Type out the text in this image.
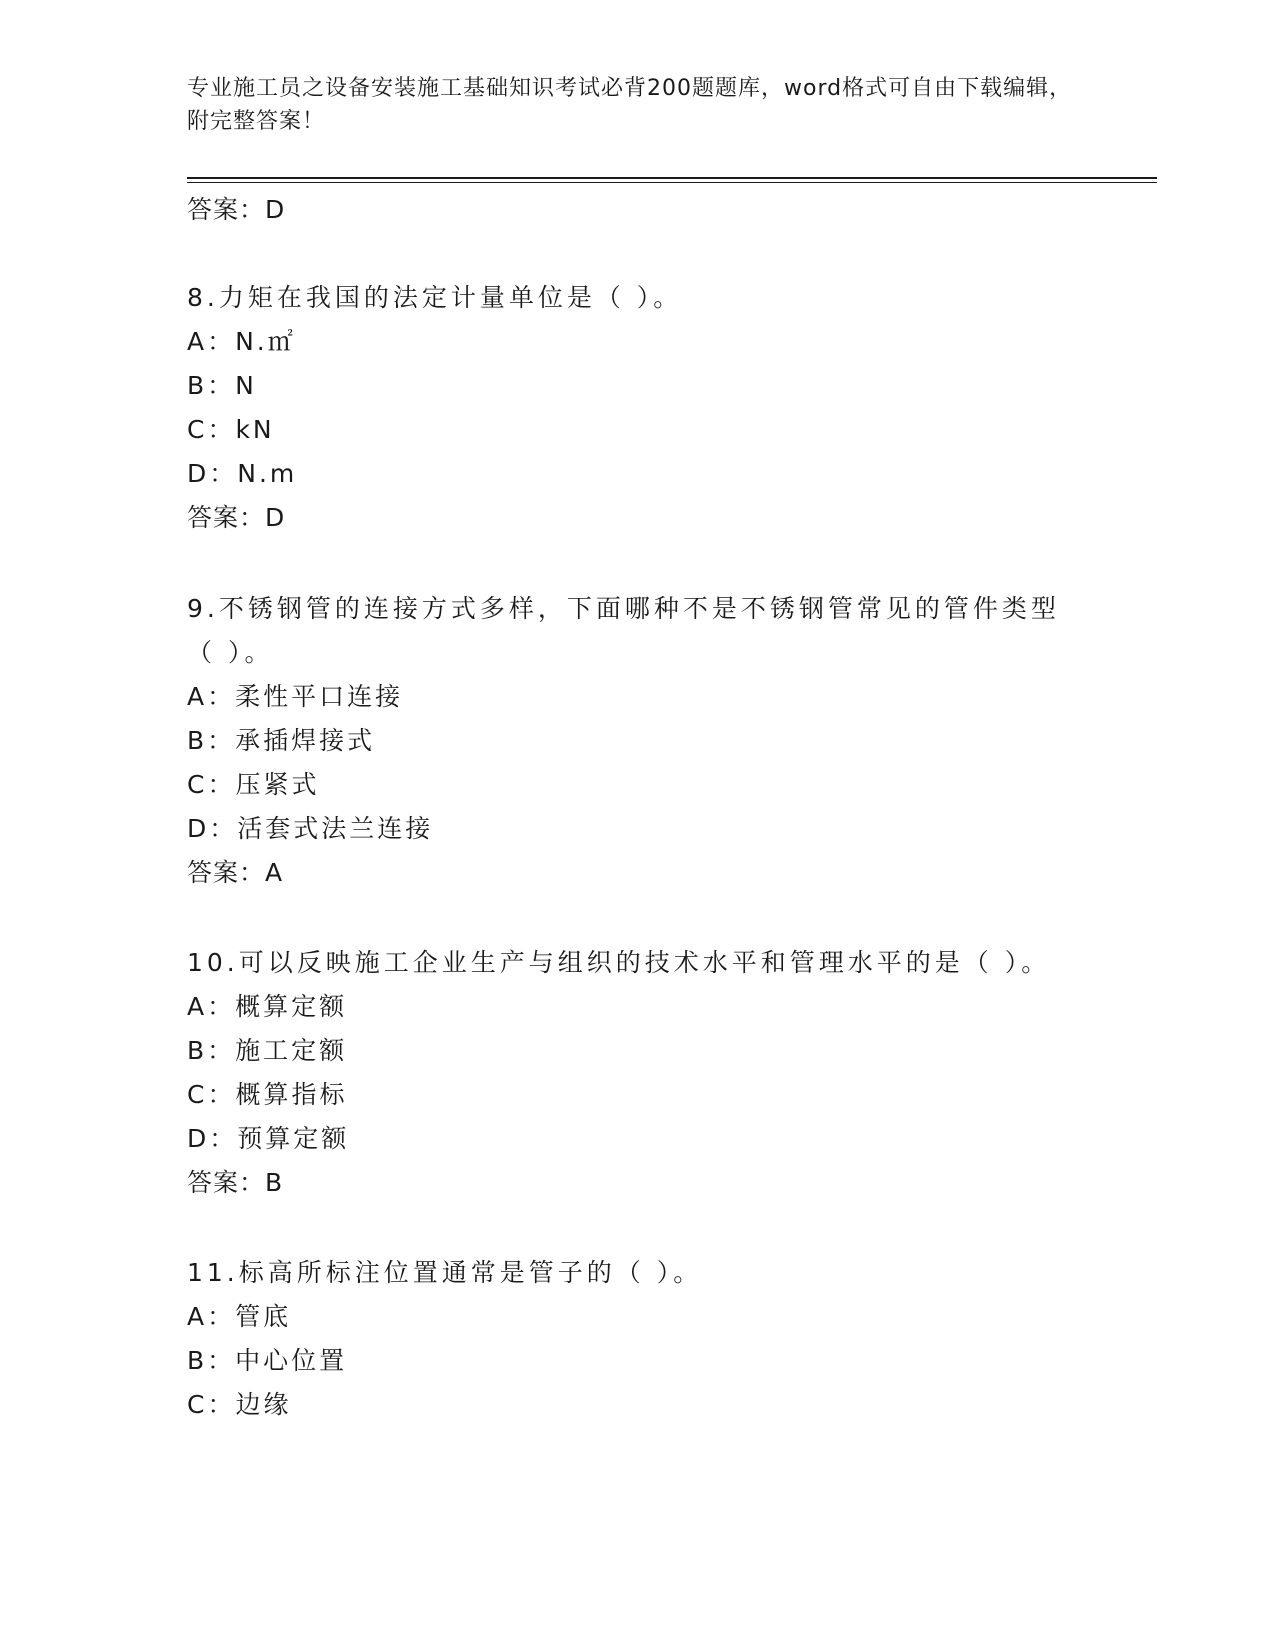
专业施工员之设备安装施工基础知识考试必背200题题库，word格式可自由下载编辑，附完整答案！
答案：D
8.力矩在我国的法定计量单位是（ ）。
A：N.㎡
B：N
C：kN
D：N.m
答案：D
9.不锈钢管的连接方式多样，下面哪种不是不锈钢管常见的管件类型
（ ）。
A：柔性平口连接
B：承插焊接式
C：压紧式
D：活套式法兰连接
答案：A
10.可以反映施工企业生产与组织的技术水平和管理水平的是（ ）。
A：概算定额
B：施工定额
C：概算指标
D：预算定额
答案：B
11.标高所标注位置通常是管子的（ ）。
A：管底
B：中心位置
C：边缘
